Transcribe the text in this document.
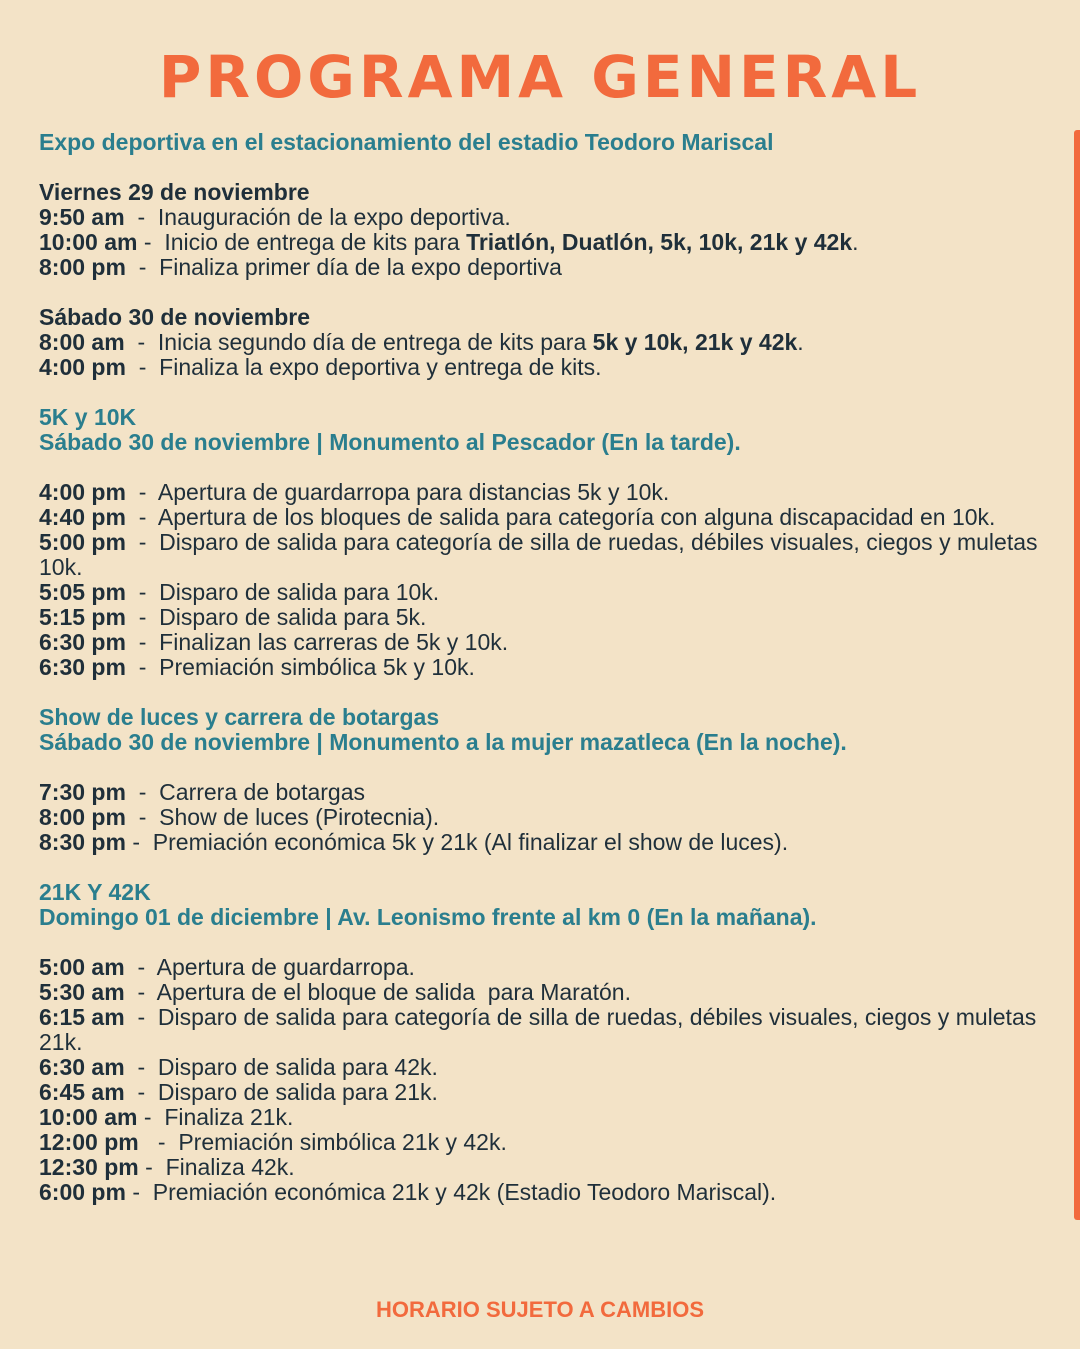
PROGRAMA GENERAL

Expo deportiva en el estacionamiento del estadio Teodoro Mariscal

Viernes 29 de noviembre

9:50 am  -  Inauguración de la expo deportiva.

10:00 am -  Inicio de entrega de kits para Triatlón, Duatlón, 5k, 10k, 21k y 42k.

8:00 pm  -  Finaliza primer día de la expo deportiva

Sábado 30 de noviembre

8:00 am  -  Inicia segundo día de entrega de kits para 5k y 10k, 21k y 42k.

4:00 pm  -  Finaliza la expo deportiva y entrega de kits.

5K y 10K

Sábado 30 de noviembre | Monumento al Pescador (En la tarde).

4:00 pm  -  Apertura de guardarropa para distancias 5k y 10k.

4:40 pm  -  Apertura de los bloques de salida para categoría con alguna discapacidad en 10k.

5:00 pm  -  Disparo de salida para categoría de silla de ruedas, débiles visuales, ciegos y muletas 10k.

5:05 pm  -  Disparo de salida para 10k.

5:15 pm  -  Disparo de salida para 5k.

6:30 pm  -  Finalizan las carreras de 5k y 10k.

6:30 pm  -  Premiación simbólica 5k y 10k.

Show de luces y carrera de botargas

Sábado 30 de noviembre | Monumento a la mujer mazatleca (En la noche).

7:30 pm  -  Carrera de botargas

8:00 pm  -  Show de luces (Pirotecnia).

8:30 pm -  Premiación económica 5k y 21k (Al finalizar el show de luces).

21K Y 42K

Domingo 01 de diciembre | Av. Leonismo frente al km 0 (En la mañana).

5:00 am  -  Apertura de guardarropa.

5:30 am  -  Apertura de el bloque de salida  para Maratón.

6:15 am  -  Disparo de salida para categoría de silla de ruedas, débiles visuales, ciegos y muletas 21k.

6:30 am  -  Disparo de salida para 42k.

6:45 am  -  Disparo de salida para 21k.

10:00 am -  Finaliza 21k.

12:00 pm   -  Premiación simbólica 21k y 42k.

12:30 pm -  Finaliza 42k.

6:00 pm -  Premiación económica 21k y 42k (Estadio Teodoro Mariscal).

HORARIO SUJETO A CAMBIOS
